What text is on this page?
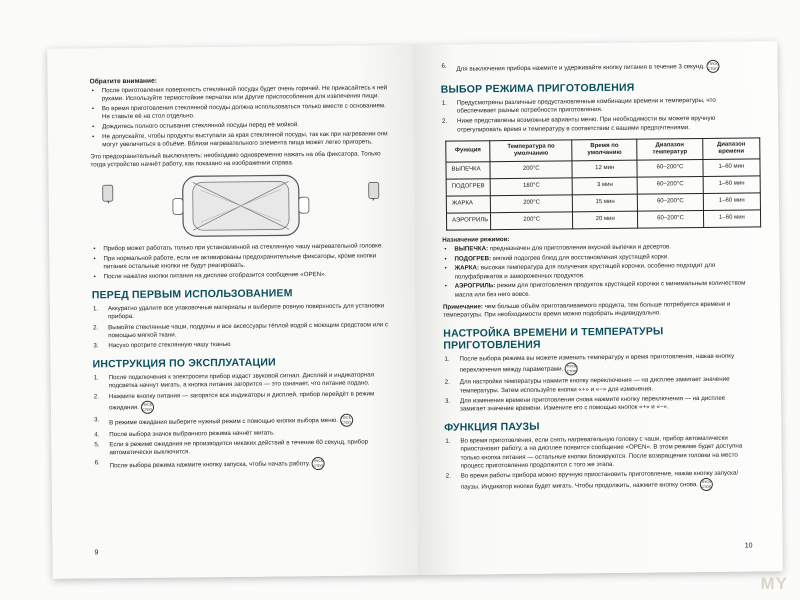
Обратите внимание:
• После приготовления поверхность стеклянной посуды будет очень горячей. Не прикасайтесь к ней руками. Используйте термостойкие перчатки или другие приспособления для извлечения пищи.
• Во время приготовления стеклянной посуды должна использоваться только вместе с основанием. Не ставьте её на стол отдельно.
• Дождитесь полного остывания стеклянной посуды перед её мойкой.
• Не допускайте, чтобы продукты выступали за края стеклянной посуды, так как при нагревании они могут увеличиться в объёме. Вблизи нагревательного элемента пища может легко пригореть.

Это предохранительный выключатель: необходимо одновременно нажать на оба фиксатора. Только тогда устройство начнёт работу, как показано на изображении справа.

• Прибор может работать только при установленной на стеклянную чашу нагревательной головке.
• При нормальной работе, если не активированы предохранительные фиксаторы, кроме кнопки питания остальные кнопки не будут реагировать.
• После нажатия кнопки питания на дисплее отобразится сообщение «OPEN».
ПЕРЕД ПЕРВЫМ ИСПОЛЬЗОВАНИЕМ
1. Аккуратно удалите все упаковочные материалы и выберите ровную поверхность для установки прибора.
2. Вымойте стеклянные чаши, поддоны и все аксессуары тёплой водой с моющим средством или с помощью мягкой ткани.
3. Насухо протрите стеклянную чашу тканью
ИНСТРУКЦИЯ ПО ЭКСПЛУАТАЦИИ
1. После подключения к электросети прибор издаст звуковой сигнал. Дисплей и индикаторная подсветка начнут мигать, а кнопка питания загорится — это означает, что питание подано.
2. Нажмите кнопку питания — загорятся все индикаторы и дисплей, прибор перейдёт в режим ожидания. ПУСК СТОП
3. В режиме ожидания выберите нужный режим с помощью кнопки выбора меню. ПУСК СТОП
4. После выбора значок выбранного режима начнёт мигать.
5. Если в режиме ожидания не производится никаких действий в течение 60 секунд, прибор автоматически выключится.
6. После выбора режима нажмите кнопку запуска, чтобы начать работу. ПУСК СТОП
9
6. Для выключения прибора нажмите и удерживайте кнопку питания в течение 3 секунд. ПУСК СТОП
ВЫБОР РЕЖИМА ПРИГОТОВЛЕНИЯ
1. Предусмотрены различные предустановленные комбинации времени и температуры, что обеспечивает разные потребности приготовления.
2. Ниже представлены возможные варианты меню. При необходимости вы можете вручную отрегулировать время и температуру в соответствии с вашими предпочтениями.
Функция	Температура по умолчанию	Время по умолчанию	Диапазон температур	Диапазон времени
ВЫПЕЧКА	200°C	12 мин	60–200°C	1–60 мин
ПОДОГРЕВ	180°C	3 мин	60–200°C	1–60 мин
ЖАРКА	200°C	15 мин	60–200°C	1–60 мин
АЭРОГРИЛЬ	200°C	20 мин	60–200°C	1–60 мин

Назначение режимов:

• ВЫПЕЧКА: предназначен для приготовления вкусной выпечки и десертов.
• ПОДОГРЕВ: мягкий подогрев блюд для восстановления хрустящей корки.
• ЖАРКА: высокая температура для получения хрустящей корочки, особенно подходит для полуфабрикатов и замороженных продуктов.
• АЭРОГРИЛЬ: режим для приготовления продуктов хрустящей корочки с минимальным количеством масла или без него вовсе.

Примечание: чем больше объём приготавливаемого продукта, тем больше потребуется времени и температуры. При необходимости время можно подобрать индивидуально.

НАСТРОЙКА ВРЕМЕНИ И ТЕМПЕРАТУРЫ ПРИГОТОВЛЕНИЯ
1. После выбора режима вы можете изменить температуру и время приготовления, нажав кнопку переключения между параметрами. ПУСК СТОП
2. Для настройки температуры нажмите кнопку переключения — на дисплее замигает значение температуры. Затем используйте кнопки «+» и «−» для изменения.
3. Для изменения времени приготовления снова нажмите кнопку переключения — на дисплее замигает значение времени. Измените его с помощью кнопок «+» и «−».
ФУНКЦИЯ ПАУЗЫ
1. Во время приготовления, если снять нагревательную головку с чаши, прибор автоматически приостановит работу, а на дисплее появится сообщение «OPEN». В этом режиме будет доступна только кнопка питания — остальные кнопки блокируются. После возвращения головки на место процесс приготовления продолжится с того же этапа.
2. Во время работы прибора можно вручную приостановить приготовление, нажав кнопку запуска/паузы. Индикатор кнопки будет мигать. Чтобы продолжить, нажмите кнопку снова. ПУСК СТОП
10
MY
